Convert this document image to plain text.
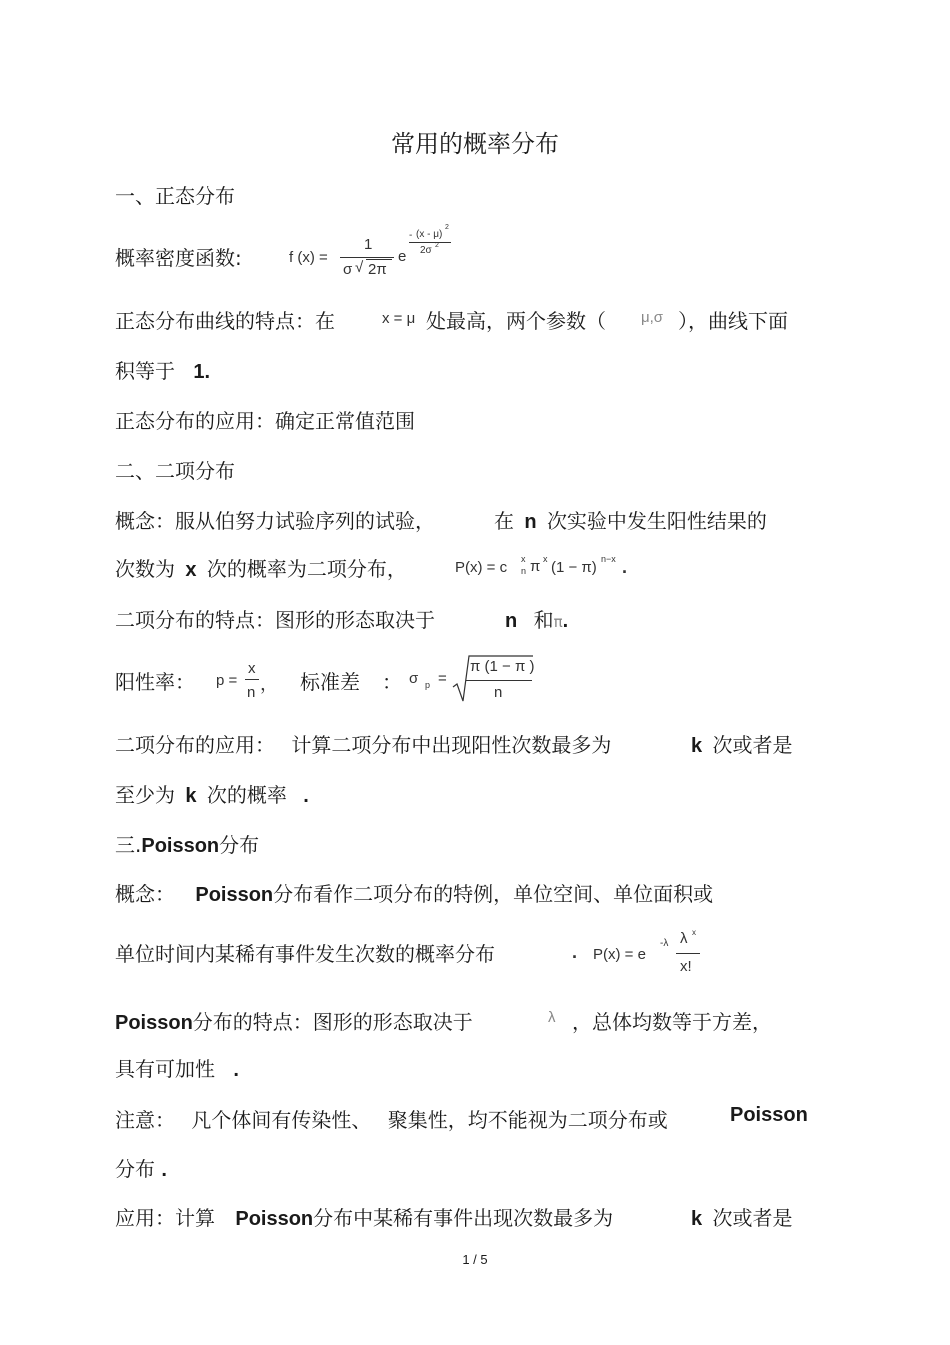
常用的概率分布
一、正态分布
概率密度函数:	f (x) =
1
σ √ 2π
e
- (x - μ)
2
2σ 2
正态分布曲线的特点：在	x = μ 处最高，两个参数（ μ,σ ），曲线下面
积等于 1.
正态分布的应用：确定正常值范围
二、二项分布
概念：服从伯努力试验序列的试验，	在 n 次实验中发生阳性结果的
次数为 x 次的概率为二项分布，	P(x) = c x
n π x (1 − π) n−x .
二项分布的特点：图形的形态取决于	n 和π.
阳性率： p =
x
n ， 标准差 ： σ p =
π (1 − π )
n
二项分布的应用： 计算二项分布中出现阳性次数最多为	k 次或者是
至少为 k 次的概率 .
三.Poisson分布
概念： Poisson分布看作二项分布的特例，单位空间、单位面积或
单位时间内某稀有事件发生次数的概率分布	. P(x) = e
-λ λ x
x!
Poisson分布的特点：图形的形态取决于	λ ，总体均数等于方差，
具有可加性 .
注意： 凡个体间有传染性、 聚集性，均不能视为二项分布或	Poisson
分布 .
应用：计算 Poisson分布中某稀有事件出现次数最多为	k 次或者是
1 / 5
